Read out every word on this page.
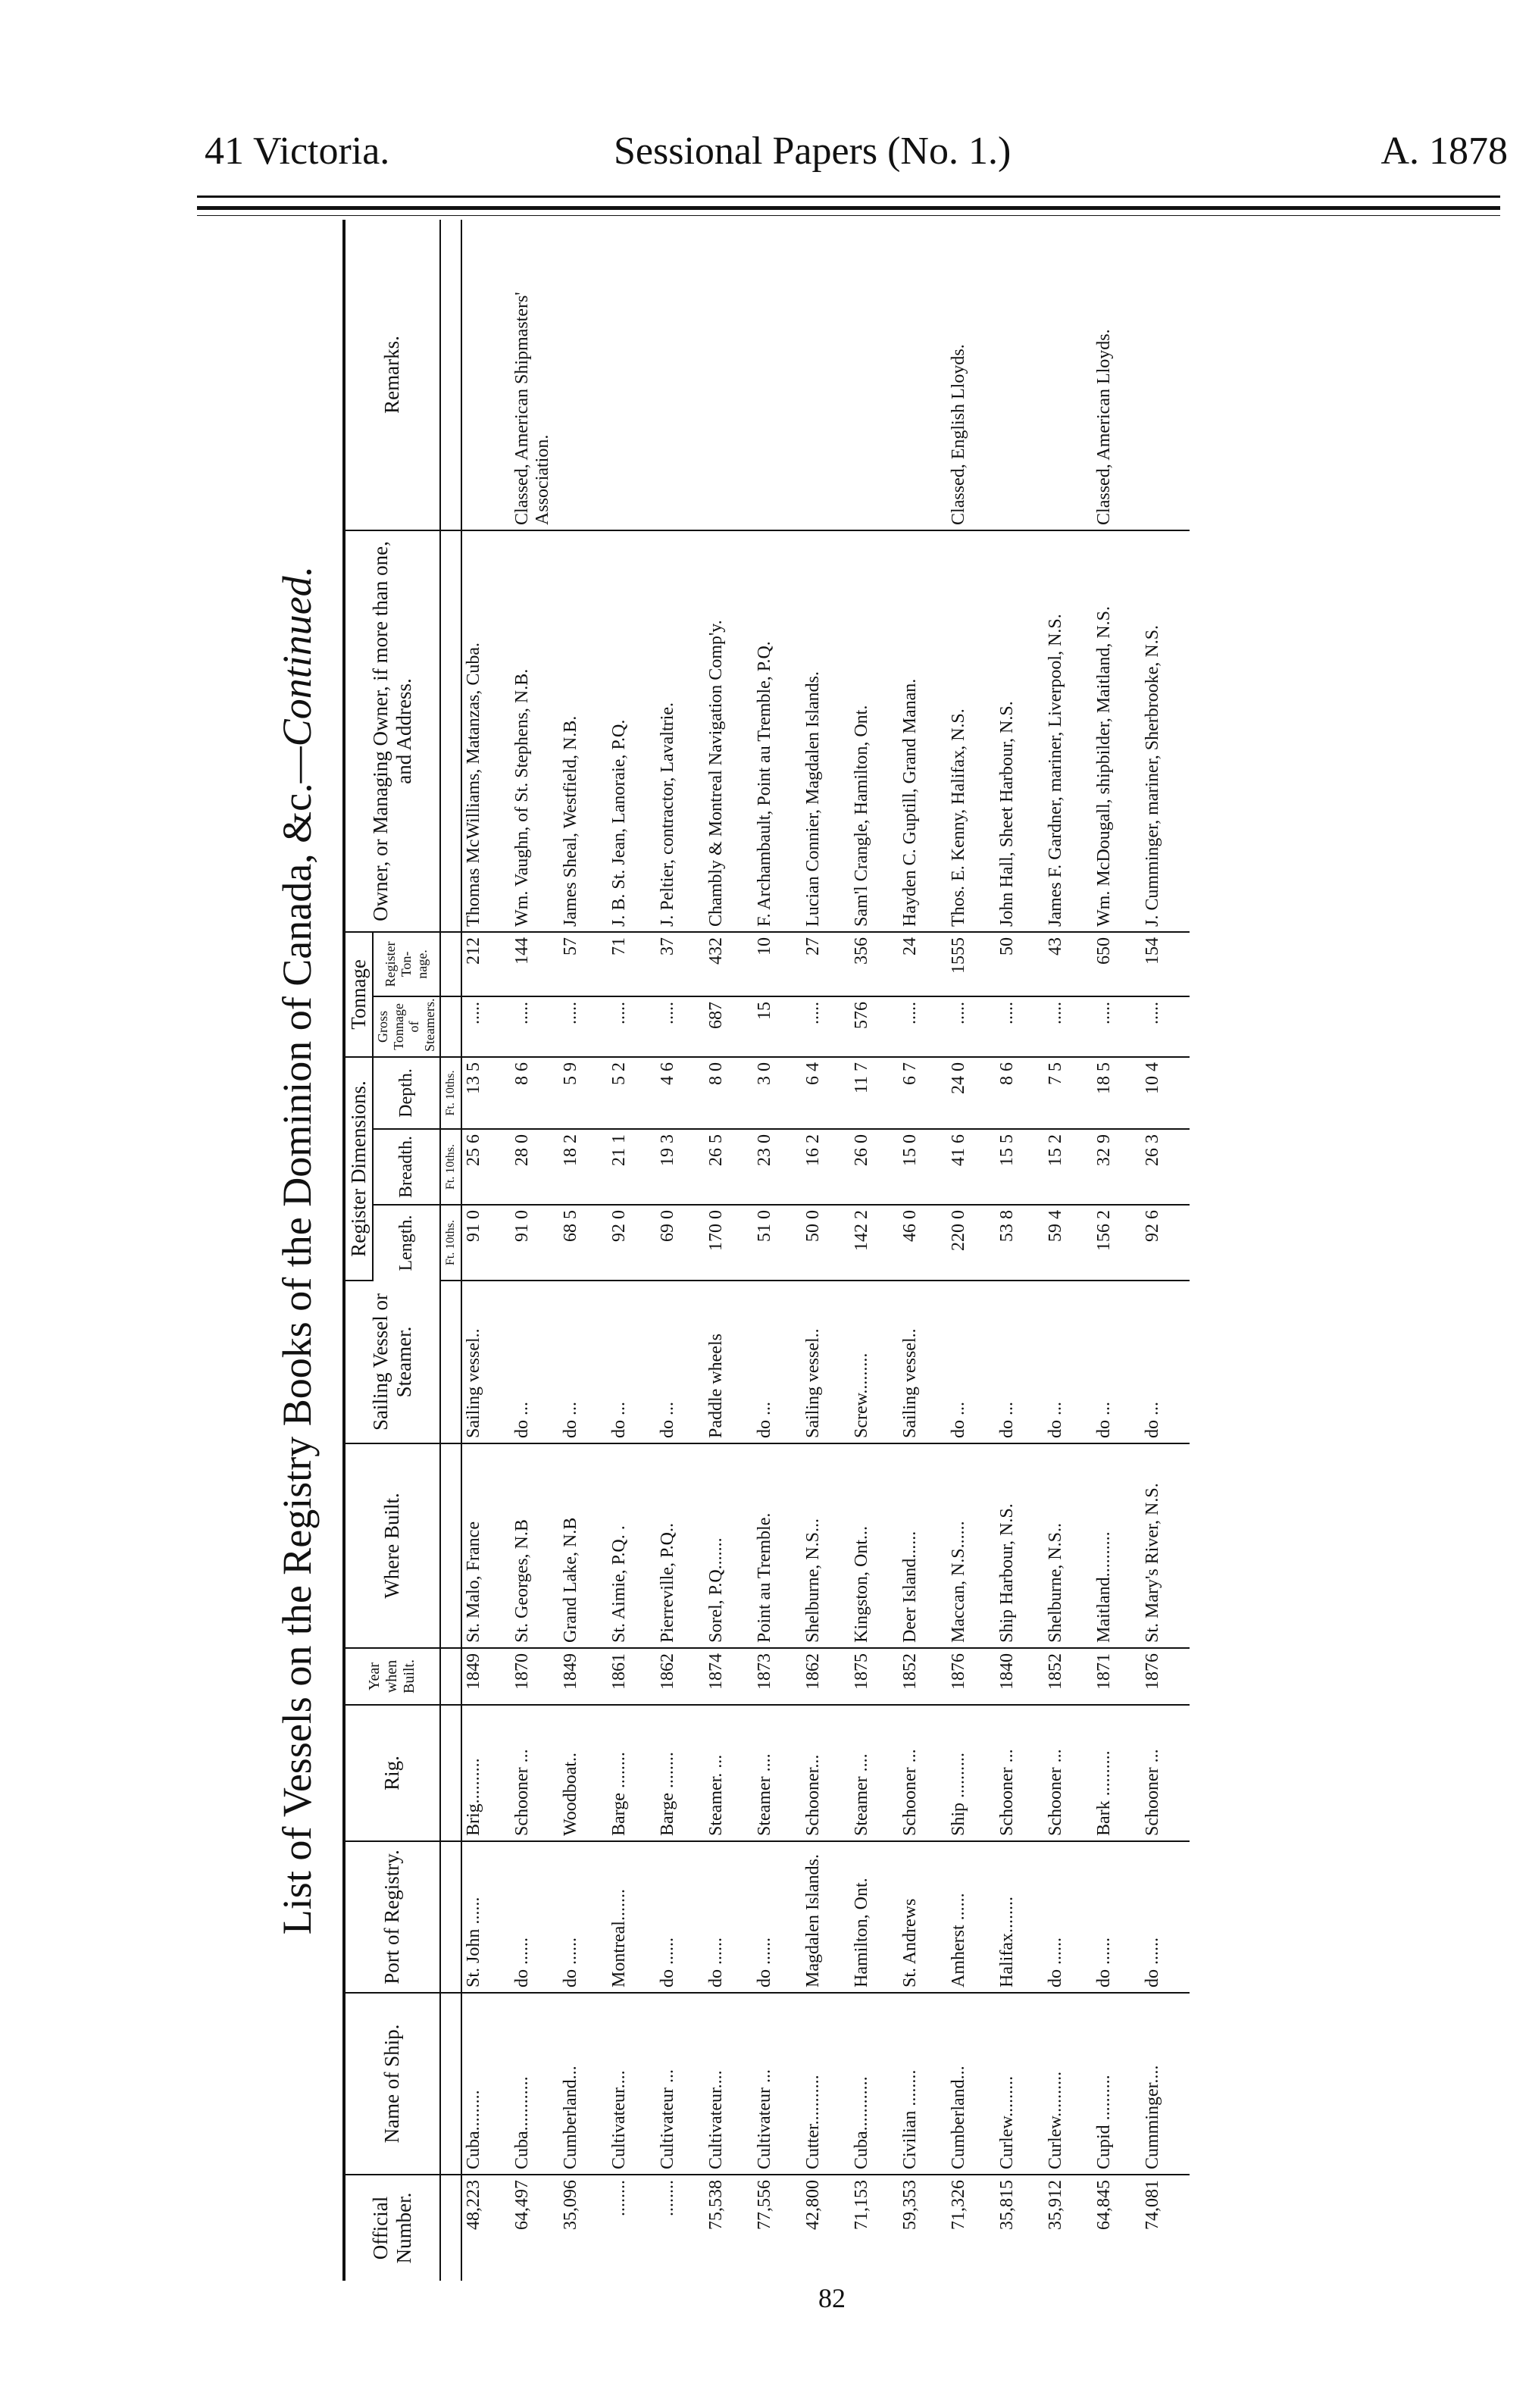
41 Victoria.	Sessional Papers (No. 1.)	A. 1878
List of Vessels on the Registry Books of the Dominion of Canada, &c.—Continued.
Official Number.	Name of Ship.	Port of Registry.	Rig.	Year when Built.	Where Built.	Sailing Vessel or Steamer.	Register Dimensions.			Tonnage		Owner, or Managing Owner, if more than one, and Address.	Remarks.
							Length.	Breadth.	Depth.	Gross Tonnage of Steamers.	Register Ton-nage.		
							Ft. 10ths.	Ft. 10ths.	Ft. 10ths.				
48,223	Cuba.........	St. John ......	Brig..........	1849	St. Malo, France	Sailing vessel..	91 0	25 6	13 5	.....	212	Thomas McWilliams, Matanzas, Cuba.	
64,497	Cuba............	do ......	Schooner ...	1870	St. Georges, N.B	do ...	91 0	28 0	8 6	.....	144	Wm. Vaughn, of St. Stephens, N.B.	Classed, American Shipmasters' Association.
35,096	Cumberland...	do ......	Woodboat..	1849	Grand Lake, N.B	do ...	68 5	18 2	5 9	.....	57	James Sheal, Westfield, N.B.	
........	Cultivateur....	Montreal.......	Barge ........	1861	St. Aimie, P.Q. .	do ...	92 0	21 1	5 2	.....	71	J. B. St. Jean, Lanoraie, P.Q.	
........	Cultivateur ...	do ......	Barge ........	1862	Pierreville, P.Q..	do ...	69 0	19 3	4 6	.....	37	J. Peltier, contractor, Lavaltrie.	
75,538	Cultivateur....	do ......	Steamer. ...	1874	Sorel, P.Q.......	Paddle wheels	170 0	26 5	8 0	687	432	Chambly & Montreal Navigation Comp'y.	
77,556	Cultivateur ...	do ......	Steamer ....	1873	Point au Tremble.	do ...	51 0	23 0	3 0	15	10	F. Archambault, Point au Tremble, P.Q.	
42,800	Cutter...........	Magdalen Islands.	Schooner...	1862	Shelburne, N.S...	Sailing vessel..	50 0	16 2	6 4	.....	27	Lucian Connier, Magdalen Islands.	
71,153	Cuba............	Hamilton, Ont.	Steamer ....	1875	Kingston, Ont...	Screw.........	142 2	26 0	11 7	576	356	Sam'l Crangle, Hamilton, Ont.	
59,353	Civilian ........	St. Andrews	Schooner ...	1852	Deer Island......	Sailing vessel..	46 0	15 0	6 7	.....	24	Hayden C. Guptill, Grand Manan.	
71,326	Cumberland...	Amherst ......	Ship ..........	1876	Maccan, N.S......	do ...	220 0	41 6	24 0	.....	1555	Thos. E. Kenny, Halifax, N.S.	Classed, English Lloyds.
35,815	Curlew.........	Halifax........	Schooner ...	1840	Ship Harbour, N.S.	do ...	53 8	15 5	8 6	.....	50	John Hall, Sheet Harbour, N.S.	
35,912	Curlew..........	do ......	Schooner ...	1852	Shelburne, N.S..	do ...	59 4	15 2	7 5	.....	43	James F. Gardner, mariner, Liverpool, N.S.	
64,845	Cupid ..........	do ......	Bark ..........	1871	Maitland..........	do ...	156 2	32 9	18 5	.....	650	Wm. McDougall, shipbilder, Maitland, N.S.	Classed, American Lloyds.
74,081	Cumminger....	do ......	Schooner ...	1876	St. Mary's River, N.S.	do ...	92 6	26 3	10 4	.....	154	J. Cumminger, mariner, Sherbrooke, N.S.	
82
